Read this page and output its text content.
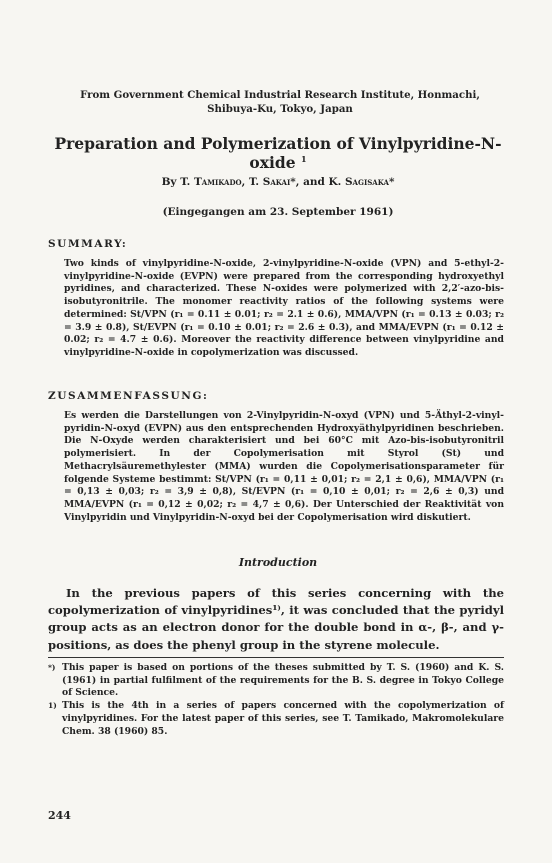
From Government Chemical Industrial Research Institute, Honmachi,
Shibuya-Ku, Tokyo, Japan
Preparation and Polymerization of Vinylpyridine-N-oxide $^1$
By T. Tamikado, T. Sakai*, and K. Sagisaka*
(Eingegangen am 23. September 1961)
SUMMARY:

Two kinds of vinylpyridine-N-oxide, 2-vinylpyridine-N-oxide (VPN) and 5-ethyl-2-vinylpyridine-N-oxide (EVPN) were prepared from the corresponding hydroxyethyl pyridines, and characterized. These N-oxides were polymerized with 2,2′-azo-bis-isobutyronitrile. The monomer reactivity ratios of the following systems were determined: St/VPN (r₁ = 0.11 ± 0.01; r₂ = 2.1 ± 0.6), MMA/VPN (r₁ = 0.13 ± 0.03; r₂ = 3.9 ± 0.8), St/EVPN (r₁ = 0.10 ± 0.01; r₂ = 2.6 ± 0.3), and MMA/EVPN (r₁ = 0.12 ± 0.02; r₂ = 4.7 ± 0.6). Moreover the reactivity difference between vinylpyridine and vinylpyridine-N-oxide in copolymerization was discussed.

ZUSAMMENFASSUNG:

Es werden die Darstellungen von 2-Vinylpyridin-N-oxyd (VPN) und 5-Äthyl-2-vinyl-pyridin-N-oxyd (EVPN) aus den entsprechenden Hydroxyäthylpyridinen beschrieben. Die N-Oxyde werden charakterisiert und bei 60°C mit Azo-bis-isobutyronitril polymerisiert. In der Copolymerisation mit Styrol (St) und Methacrylsäuremethylester (MMA) wurden die Copolymerisationsparameter für folgende Systeme bestimmt: St/VPN (r₁ = 0,11 ± 0,01; r₂ = 2,1 ± 0,6), MMA/VPN (r₁ = 0,13 ± 0,03; r₂ = 3,9 ± 0,8), St/EVPN (r₁ = 0,10 ± 0,01; r₂ = 2,6 ± 0,3) und MMA/EVPN (r₁ = 0,12 ± 0,02; r₂ = 4,7 ± 0,6). Der Unterschied der Reaktivität von Vinylpyridin und Vinylpyridin-N-oxyd bei der Copolymerisation wird diskutiert.

Introduction

In the previous papers of this series concerning with the copolymerization of vinylpyridines¹⁾, it was concluded that the pyridyl group acts as an electron donor for the double bond in α-, β-, and γ-positions, as does the phenyl group in the styrene molecule.

*) This paper is based on portions of the theses submitted by T. S. (1960) and K. S. (1961) in partial fulfilment of the requirements for the B. S. degree in Tokyo College of Science.
1) This is the 4th in a series of papers concerned with the copolymerization of vinylpyridines. For the latest paper of this series, see T. Tamikado, Makromolekulare Chem. 38 (1960) 85.
244
